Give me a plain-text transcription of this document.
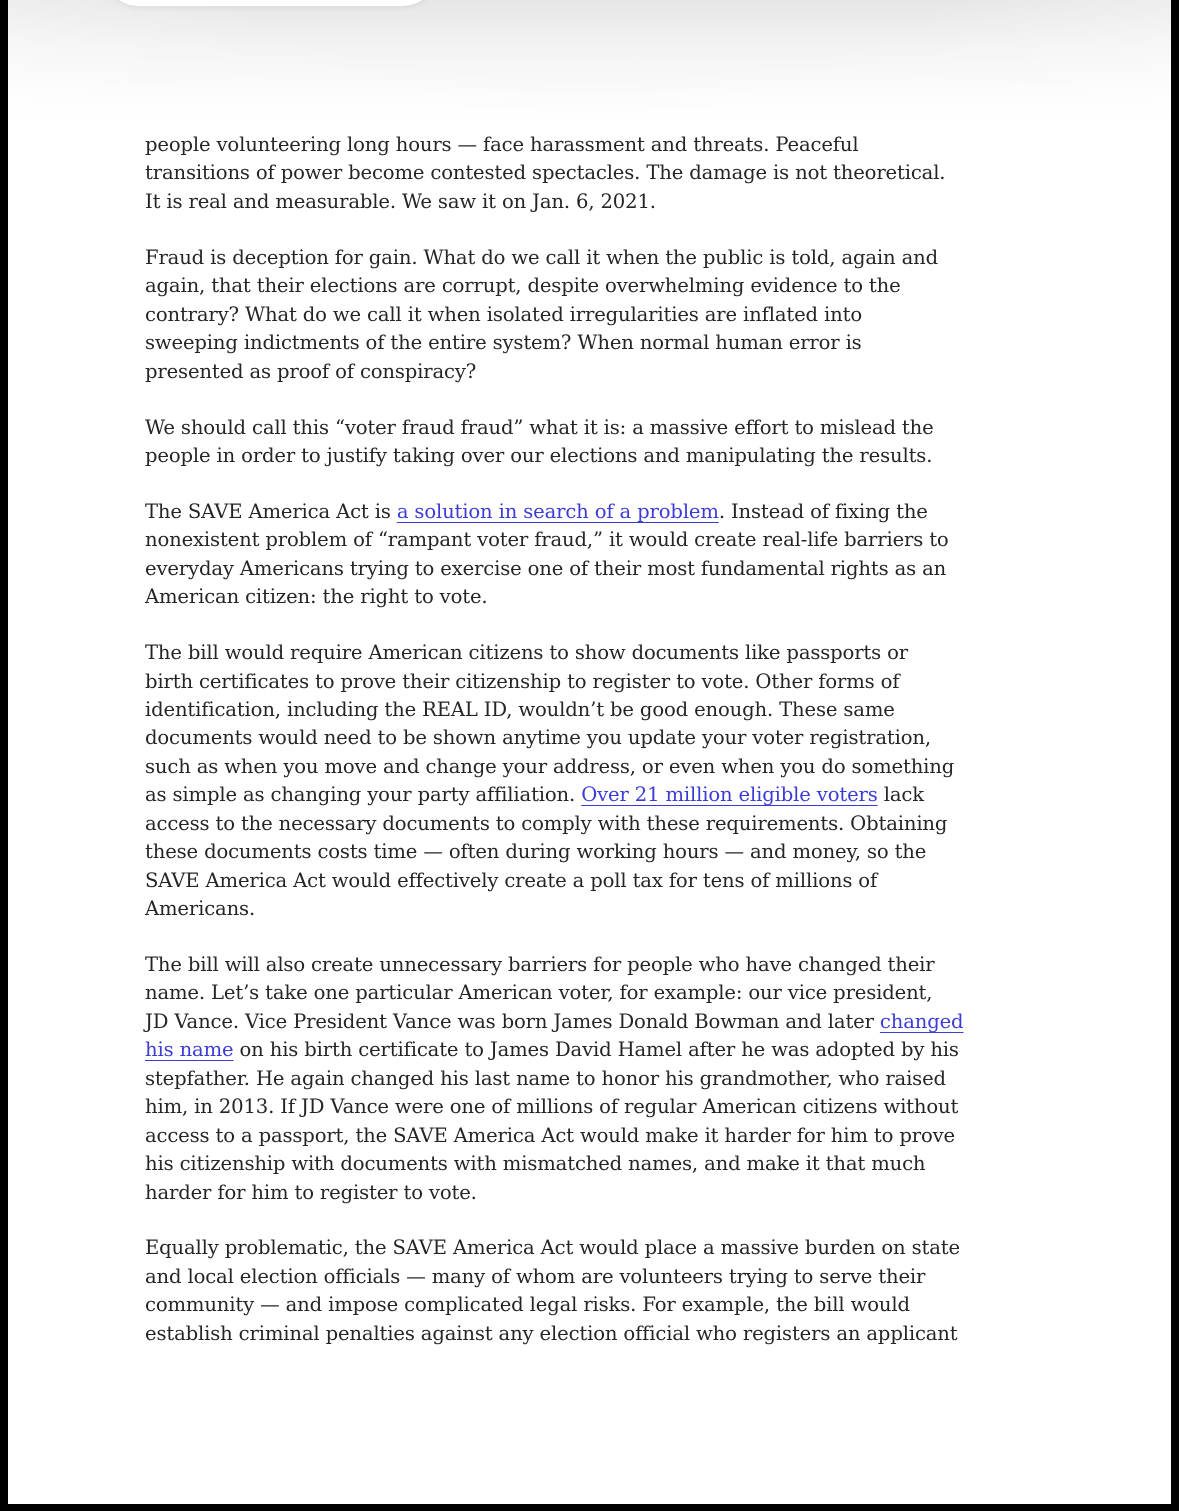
people volunteering long hours — face harassment and threats. Peaceful
transitions of power become contested spectacles. The damage is not theoretical.
It is real and measurable. We saw it on Jan. 6, 2021.
Fraud is deception for gain. What do we call it when the public is told, again and
again, that their elections are corrupt, despite overwhelming evidence to the
contrary? What do we call it when isolated irregularities are inflated into
sweeping indictments of the entire system? When normal human error is
presented as proof of conspiracy?
We should call this “voter fraud fraud” what it is: a massive effort to mislead the
people in order to justify taking over our elections and manipulating the results.
The SAVE America Act is a solution in search of a problem. Instead of fixing the
nonexistent problem of “rampant voter fraud,” it would create real-life barriers to
everyday Americans trying to exercise one of their most fundamental rights as an
American citizen: the right to vote.
The bill would require American citizens to show documents like passports or
birth certificates to prove their citizenship to register to vote. Other forms of
identification, including the REAL ID, wouldn’t be good enough. These same
documents would need to be shown anytime you update your voter registration,
such as when you move and change your address, or even when you do something
as simple as changing your party affiliation. Over 21 million eligible voters lack
access to the necessary documents to comply with these requirements. Obtaining
these documents costs time — often during working hours — and money, so the
SAVE America Act would effectively create a poll tax for tens of millions of
Americans.
The bill will also create unnecessary barriers for people who have changed their
name. Let’s take one particular American voter, for example: our vice president,
JD Vance. Vice President Vance was born James Donald Bowman and later changed
his name on his birth certificate to James David Hamel after he was adopted by his
stepfather. He again changed his last name to honor his grandmother, who raised
him, in 2013. If JD Vance were one of millions of regular American citizens without
access to a passport, the SAVE America Act would make it harder for him to prove
his citizenship with documents with mismatched names, and make it that much
harder for him to register to vote.
Equally problematic, the SAVE America Act would place a massive burden on state
and local election officials — many of whom are volunteers trying to serve their
community — and impose complicated legal risks. For example, the bill would
establish criminal penalties against any election official who registers an applicant
